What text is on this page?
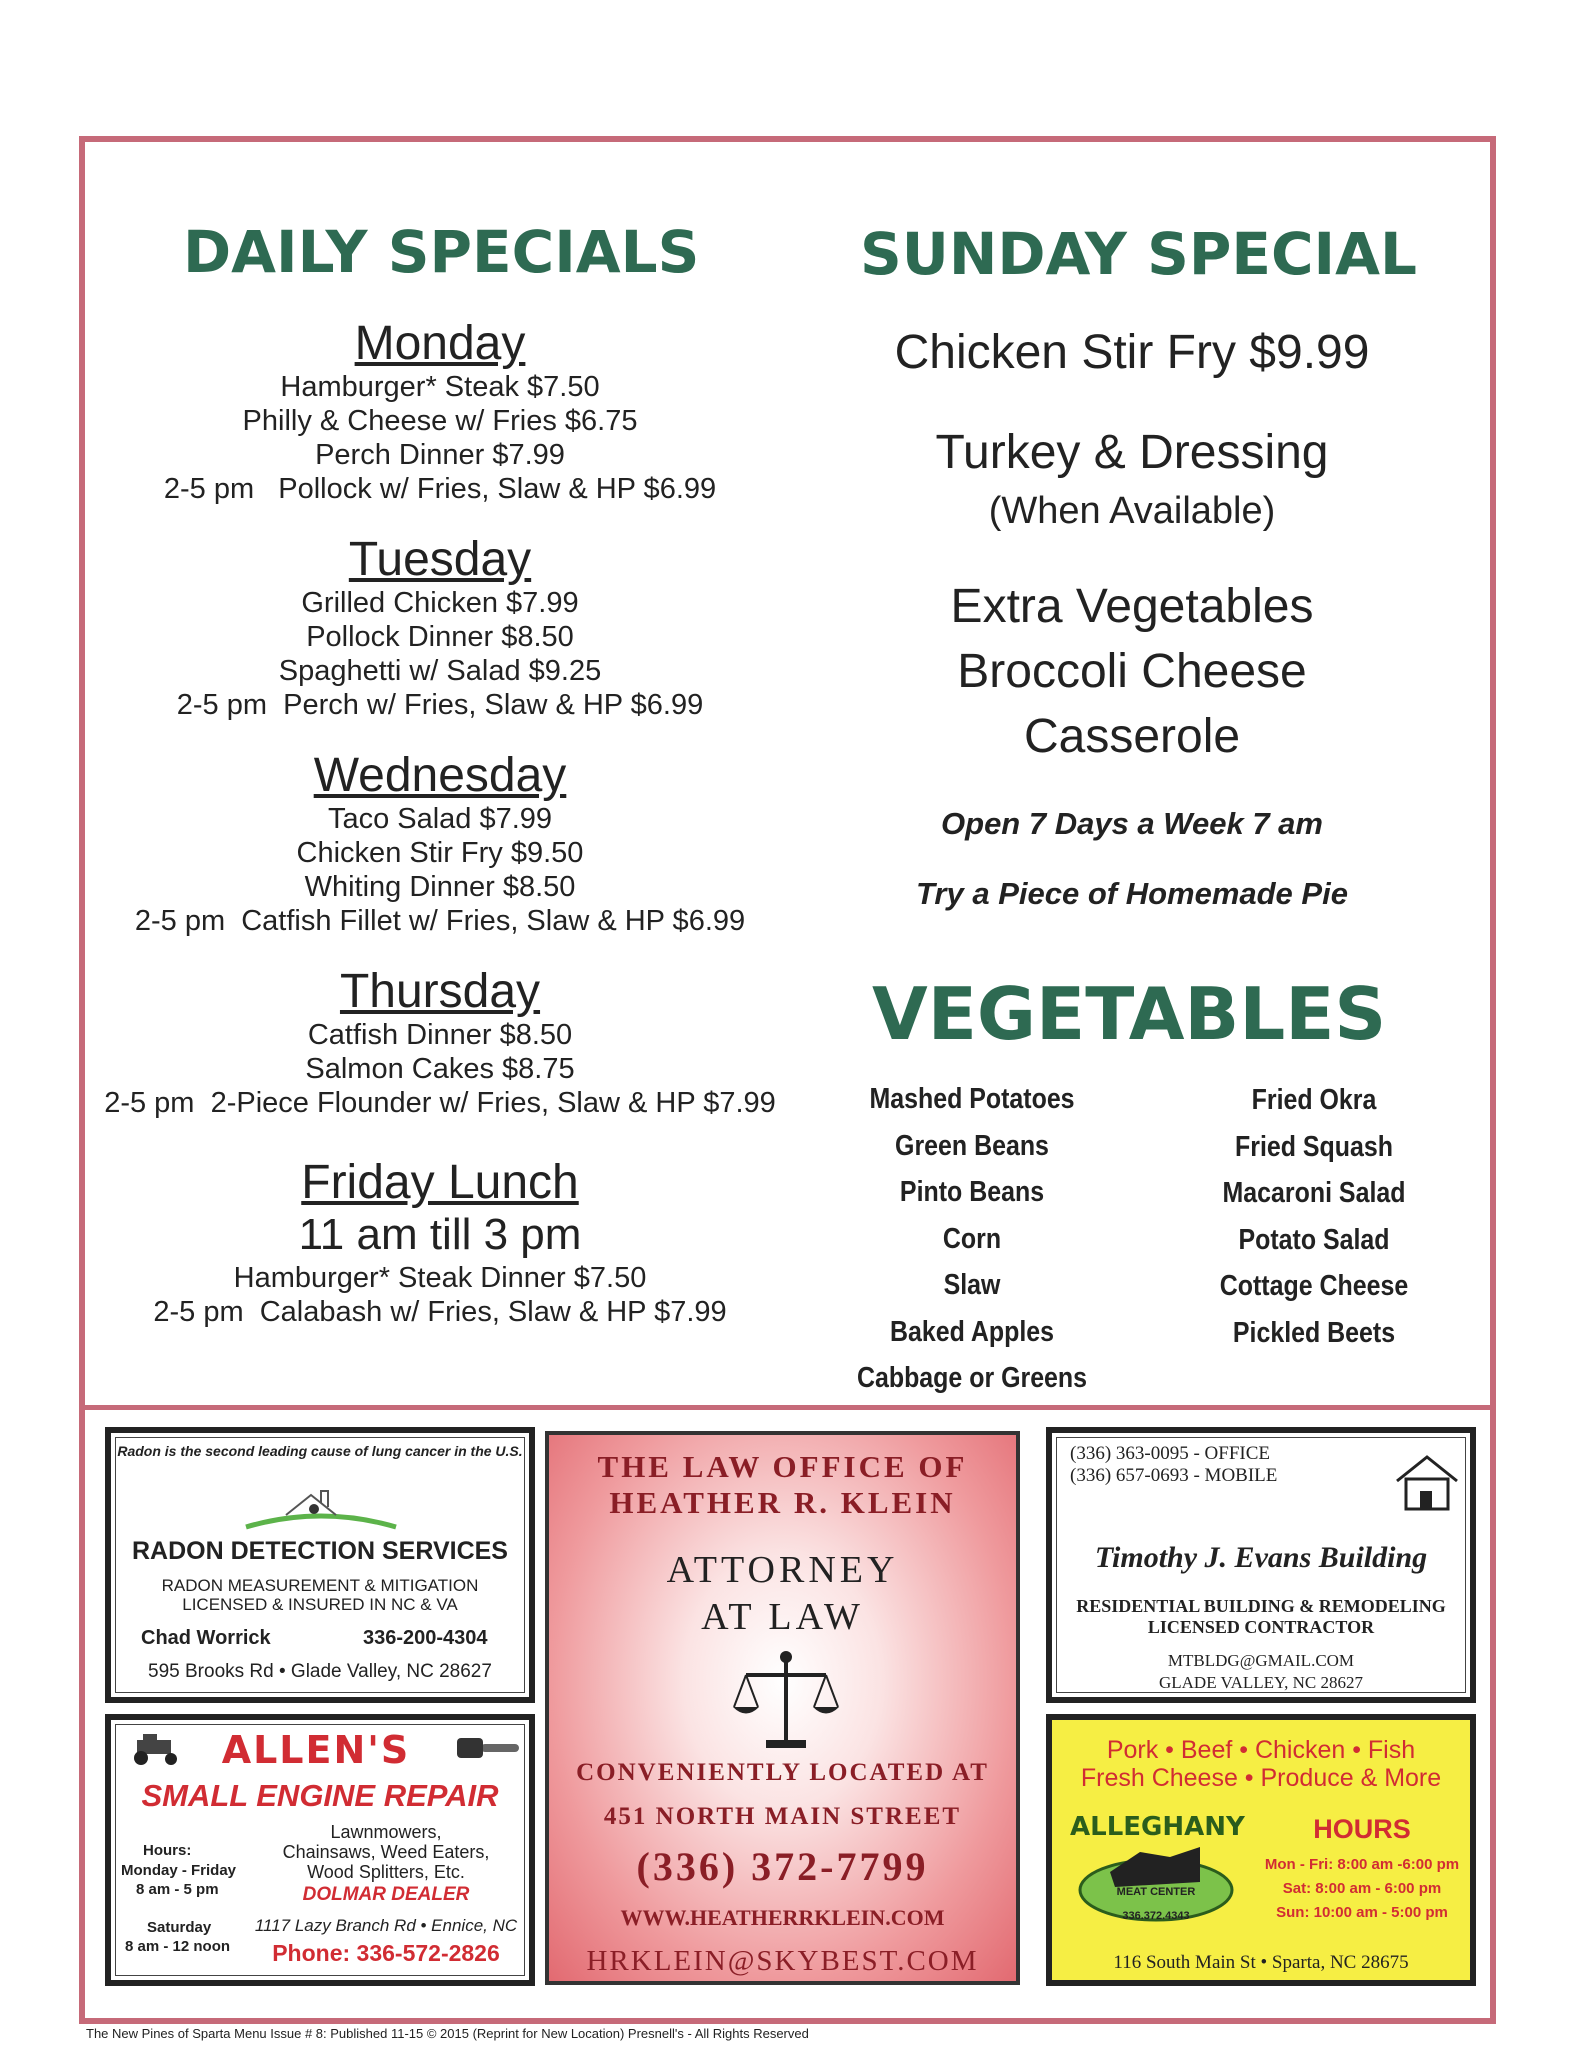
DAILY SPECIALS
Monday
Hamburger* Steak $7.50
Philly & Cheese w/ Fries $6.75
Perch Dinner $7.99
2-5 pm   Pollock w/ Fries, Slaw & HP $6.99
Tuesday
Grilled Chicken $7.99
Pollock Dinner $8.50
Spaghetti w/ Salad $9.25
2-5 pm  Perch w/ Fries, Slaw & HP $6.99
Wednesday
Taco Salad $7.99
Chicken Stir Fry $9.50
Whiting Dinner $8.50
2-5 pm  Catfish Fillet w/ Fries, Slaw & HP $6.99
Thursday
Catfish Dinner $8.50
Salmon Cakes $8.75
2-5 pm  2-Piece Flounder w/ Fries, Slaw & HP $7.99
Friday Lunch
11 am till 3 pm
Hamburger* Steak Dinner $7.50
2-5 pm  Calabash w/ Fries, Slaw & HP $7.99
SUNDAY SPECIAL
Chicken Stir Fry $9.99
Turkey & Dressing
(When Available)
Extra Vegetables
Broccoli Cheese
Casserole
Open 7 Days a Week 7 am
Try a Piece of Homemade Pie
VEGETABLES
Mashed Potatoes
Green Beans
Pinto Beans
Corn
Slaw
Baked Apples
Cabbage or Greens
Fried Okra
Fried Squash
Macaroni Salad
Potato Salad
Cottage Cheese
Pickled Beets
Radon is the second leading cause of lung cancer in the U.S.
RADON DETECTION SERVICES
RADON MEASUREMENT & MITIGATION
LICENSED & INSURED IN NC & VA
Chad Worrick	336-200-4304
595 Brooks Rd • Glade Valley, NC 28627
ALLEN'S
SMALL ENGINE REPAIR
Hours:
Monday - Friday
8 am - 5 pm
Saturday
8 am - 12 noon
Lawnmowers,
Chainsaws, Weed Eaters,
Wood Splitters, Etc.
DOLMAR DEALER
1117 Lazy Branch Rd • Ennice, NC
Phone: 336-572-2826
THE LAW OFFICE OF
HEATHER R. KLEIN
ATTORNEY
AT LAW
CONVENIENTLY LOCATED AT
451 NORTH MAIN STREET
(336) 372-7799
WWW.HEATHERRKLEIN.COM
HRKLEIN@SKYBEST.COM
(336) 363-0095 - OFFICE
(336) 657-0693 - MOBILE
Timothy J. Evans Building
RESIDENTIAL BUILDING & REMODELING
LICENSED CONTRACTOR
MTBLDG@GMAIL.COM
GLADE VALLEY, NC 28627
Pork • Beef • Chicken • Fish
Fresh Cheese • Produce & More
ALLEGHANY
MEAT CENTER
336.372.4343
HOURS
Mon - Fri: 8:00 am -6:00 pm
Sat: 8:00 am - 6:00 pm
Sun: 10:00 am - 5:00 pm
116 South Main St • Sparta, NC 28675
The New Pines of Sparta Menu Issue # 8: Published 11-15 © 2015 (Reprint for New Location) Presnell's - All Rights Reserved
